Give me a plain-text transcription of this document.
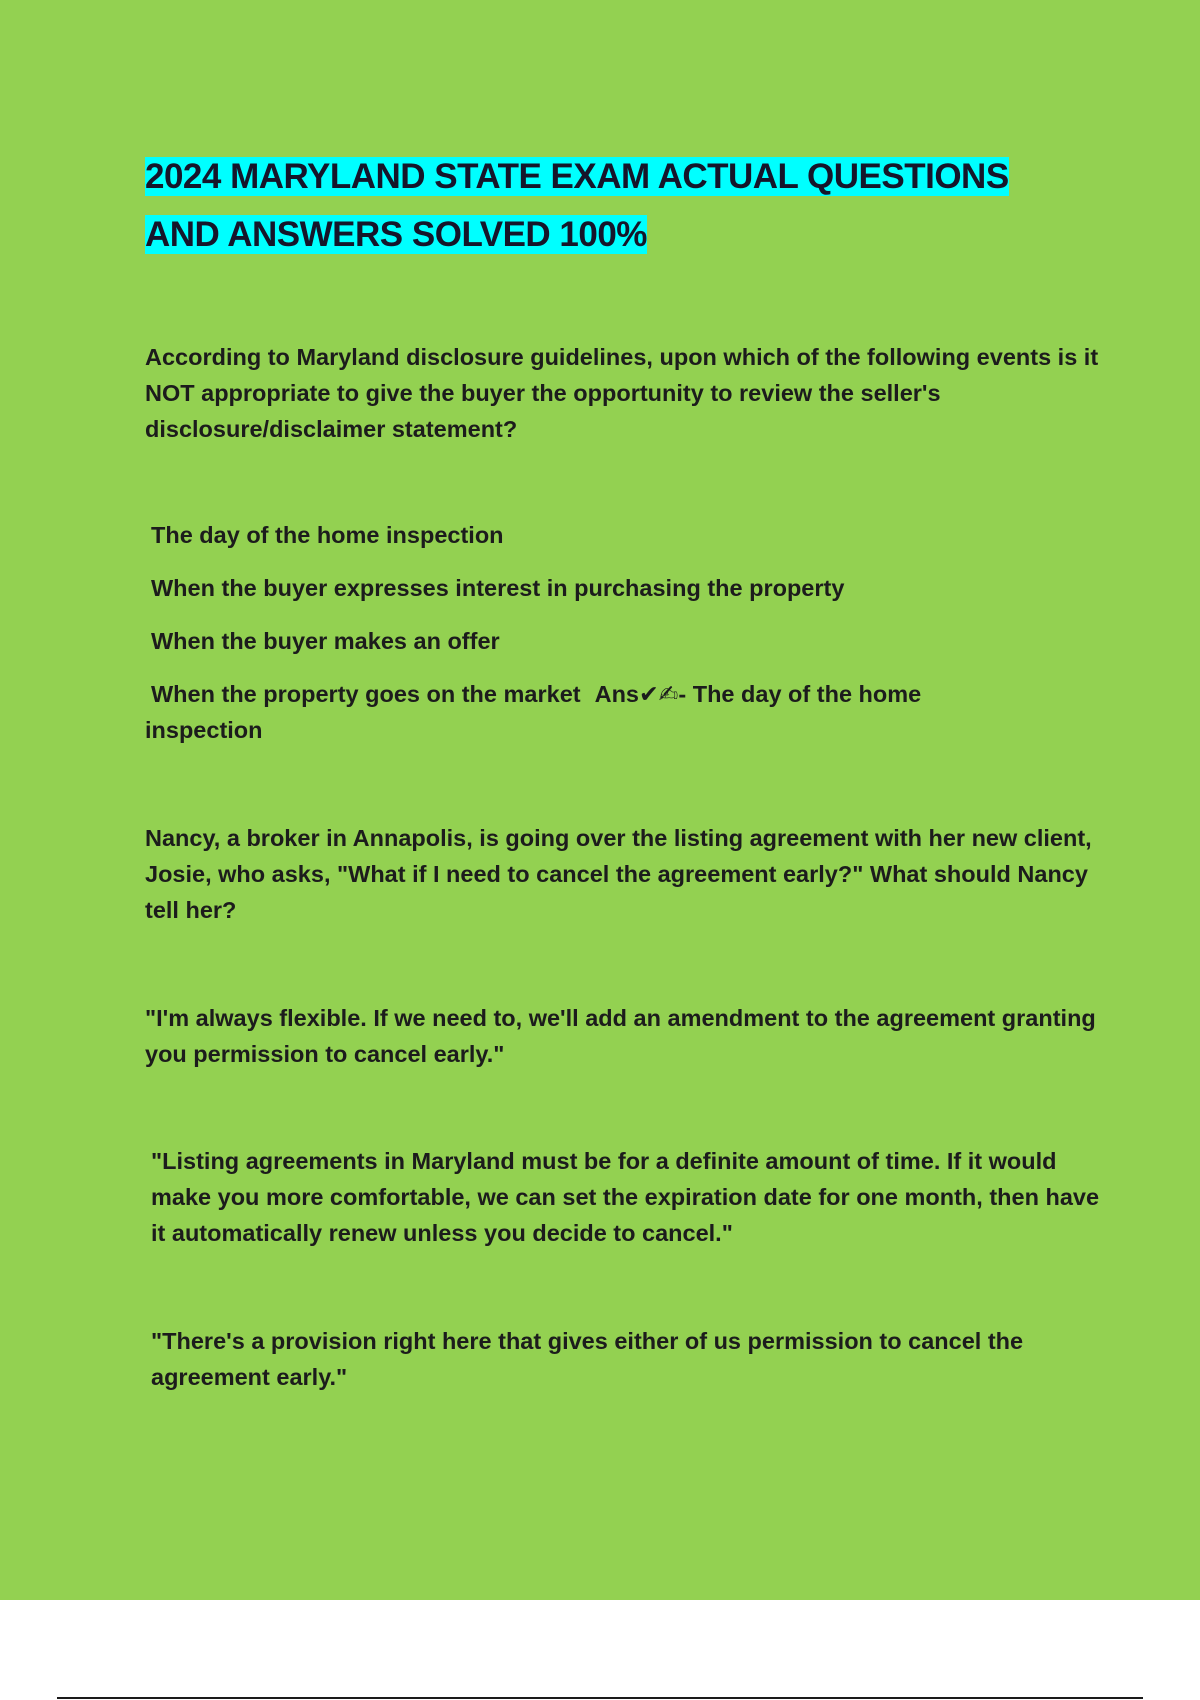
2024 MARYLAND STATE EXAM ACTUAL QUESTIONS
AND ANSWERS SOLVED 100%

According to Maryland disclosure guidelines, upon which of the following events is it NOT appropriate to give the buyer the opportunity to review the seller's disclosure/disclaimer statement?

The day of the home inspection

When the buyer expresses interest in purchasing the property

When the buyer makes an offer

When the property goes on the market Ans✔✍- The day of the home

inspection

Nancy, a broker in Annapolis, is going over the listing agreement with her new client, Josie, who asks, "What if I need to cancel the agreement early?" What should Nancy tell her?

"I'm always flexible. If we need to, we'll add an amendment to the agreement granting you permission to cancel early."

"Listing agreements in Maryland must be for a definite amount of time. If it would make you more comfortable, we can set the expiration date for one month, then have it automatically renew unless you decide to cancel."

"There's a provision right here that gives either of us permission to cancel the agreement early."
